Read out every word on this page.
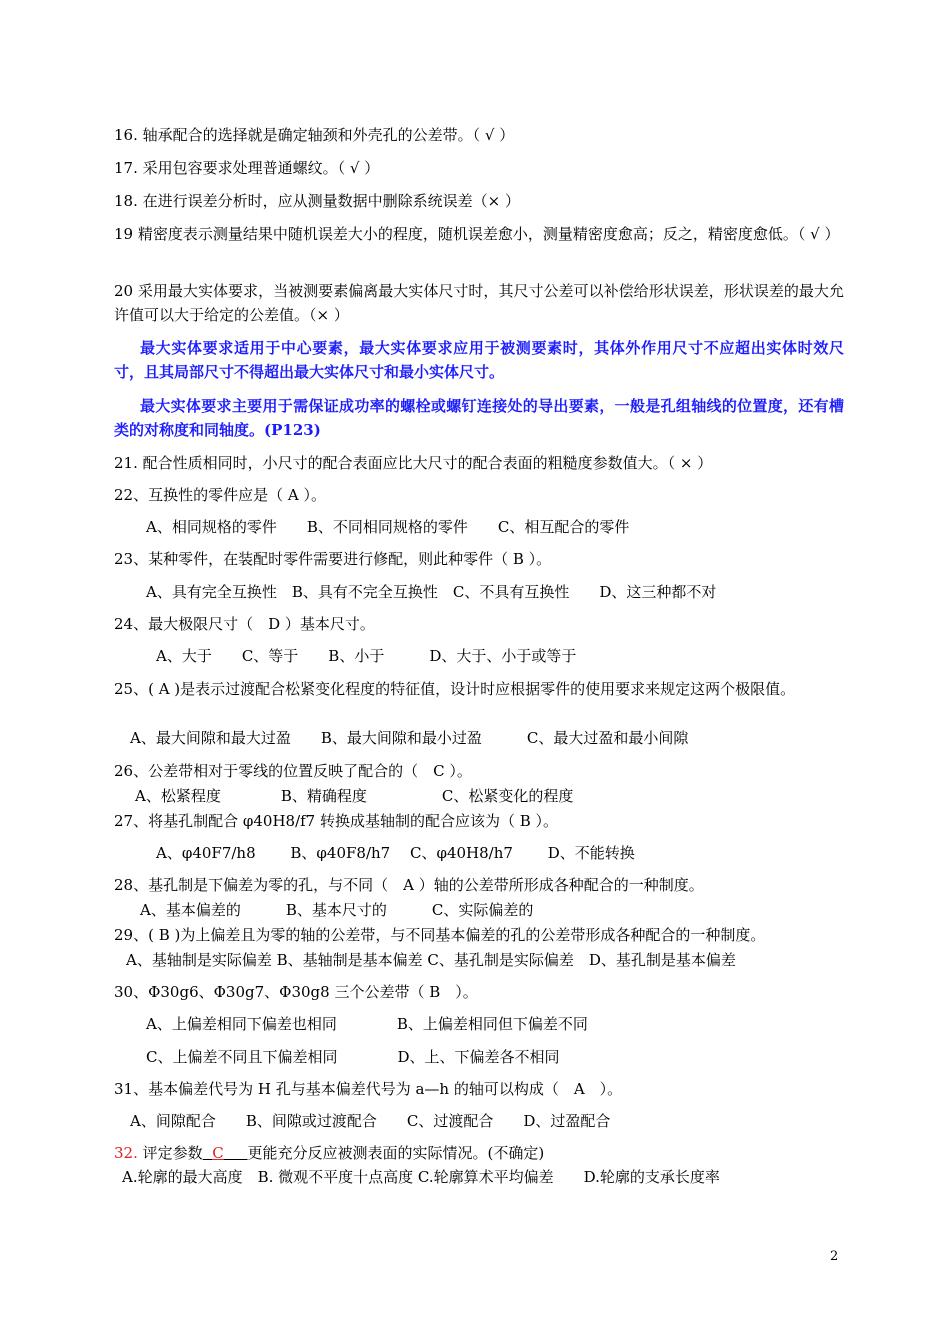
16. 轴承配合的选择就是确定轴颈和外壳孔的公差带。（ √ ）
17. 采用包容要求处理普通螺纹。（ √ ）
18. 在进行误差分析时，应从测量数据中删除系统误差（× ）
19 精密度表示测量结果中随机误差大小的程度，随机误差愈小，测量精密度愈高；反之，精密度愈低。（ √ ）
20 采用最大实体要求，当被测要素偏离最大实体尺寸时，其尺寸公差可以补偿给形状误差，形状误差的最大允许值可以大于给定的公差值。（× ）
最大实体要求适用于中心要素，最大实体要求应用于被测要素时，其体外作用尺寸不应超出实体时效尺寸，且其局部尺寸不得超出最大实体尺寸和最小实体尺寸。
最大实体要求主要用于需保证成功率的螺栓或螺钉连接处的导出要素，一般是孔组轴线的位置度，还有槽类的对称度和同轴度。(P123)
21. 配合性质相同时，小尺寸的配合表面应比大尺寸的配合表面的粗糙度参数值大。（ × ）
22、互换性的零件应是（ A ）。
A、相同规格的零件　　B、不同相同规格的零件　　C、相互配合的零件
23、某种零件，在装配时零件需要进行修配，则此种零件（ B ）。
A、具有完全互换性　B、具有不完全互换性　C、不具有互换性　　D、这三种都不对
24、最大极限尺寸（　D ）基本尺寸。
A、大于　　C、等于　　B、小于　　　D、大于、小于或等于
25、( A )是表示过渡配合松紧变化程度的特征值，设计时应根据零件的使用要求来规定这两个极限值。
A、最大间隙和最大过盈　　B、最大间隙和最小过盈　　　C、最大过盈和最小间隙
26、公差带相对于零线的位置反映了配合的（　C ）。
A、松紧程度　　　　B、精确程度　　　　　C、松紧变化的程度
27、将基孔制配合 φ40H8/f7 转换成基轴制的配合应该为（ B ）。
A、φ40F7/h8　　 B、φ40F8/h7　 C、φ40H8/h7　　 D、不能转换
28、基孔制是下偏差为零的孔，与不同（　A ）轴的公差带所形成各种配合的一种制度。
A、基本偏差的　　　B、基本尺寸的　　　C、实际偏差的
29、( B )为上偏差且为零的轴的公差带，与不同基本偏差的孔的公差带形成各种配合的一种制度。
A、基轴制是实际偏差 B、基轴制是基本偏差 C、基孔制是实际偏差　D、基孔制是基本偏差
30、Φ30g6、Φ30g7、Φ30g8 三个公差带（ B　）。
A、上偏差相同下偏差也相同　　　　B、上偏差相同但下偏差不同
C、上偏差不同且下偏差相同　　　　D、上、下偏差各不相同
31、基本偏差代号为 H 孔与基本偏差代号为 a—h 的轴可以构成（　A　）。
A、间隙配合　　B、间隙或过渡配合　　C、过渡配合　　D、过盈配合
32. 评定参数 C 更能充分反应被测表面的实际情况。(不确定)
A.轮廓的最大高度　B. 微观不平度十点高度 C.轮廓算术平均偏差　　D.轮廓的支承长度率
2
